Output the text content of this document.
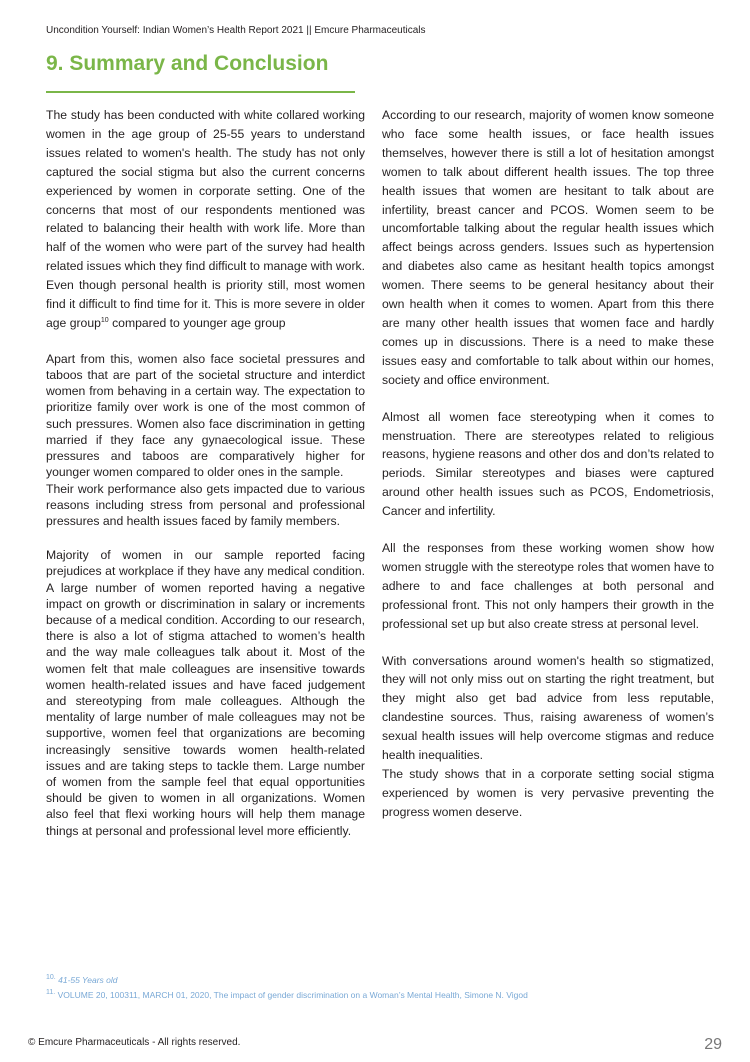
Uncondition Yourself: Indian Women’s Health Report 2021 || Emcure Pharmaceuticals
9. Summary and Conclusion

The study has been conducted with white collared working women in the age group of 25-55 years to understand issues related to women's health. The study has not only captured the social stigma but also the current concerns experienced by women in corporate setting. One of the concerns that most of our respondents mentioned was related to balancing their health with work life. More than half of the women who were part of the survey had health related issues which they find difficult to manage with work. Even though personal health is priority still, most women find it difficult to find time for it. This is more severe in older age group$^{10}$ compared to younger age group

Apart from this, women also face societal pressures and taboos that are part of the societal structure and interdict women from behaving in a certain way. The expectation to prioritize family over work is one of the most common of such pressures. Women also face discrimination in getting married if they face any gynaecological issue. These pressures and taboos are comparatively higher for younger women compared to older ones in the sample.

Their work performance also gets impacted due to various reasons including stress from personal and professional pressures and health issues faced by family members.

Majority of women in our sample reported facing prejudices at workplace if they have any medical condition. A large number of women reported having a negative impact on growth or discrimination in salary or increments because of a medical condition. According to our research, there is also a lot of stigma attached to women’s health and the way male colleagues talk about it. Most of the women felt that male colleagues are insensitive towards women health-related issues and have faced judgement and stereotyping from male colleagues. Although the mentality of large number of male colleagues may not be supportive, women feel that organizations are becoming increasingly sensitive towards women health-related issues and are taking steps to tackle them. Large number of women from the sample feel that equal opportunities should be given to women in all organizations. Women also feel that flexi working hours will help them manage things at personal and professional level more efficiently.

According to our research, majority of women know someone who face some health issues, or face health issues themselves, however there is still a lot of hesitation amongst women to talk about different health issues. The top three health issues that women are hesitant to talk about are infertility, breast cancer and PCOS. Women seem to be uncomfortable talking about the regular health issues which affect beings across genders. Issues such as hypertension and diabetes also came as hesitant health topics amongst women. There seems to be general hesitancy about their own health when it comes to women. Apart from this there are many other health issues that women face and hardly comes up in discussions. There is a need to make these issues easy and comfortable to talk about within our homes, society and office environment.

Almost all women face stereotyping when it comes to menstruation. There are stereotypes related to religious reasons, hygiene reasons and other dos and don’ts related to periods. Similar stereotypes and biases were captured around other health issues such as PCOS, Endometriosis, Cancer and infertility.

All the responses from these working women show how women struggle with the stereotype roles that women have to adhere to and face challenges at both personal and professional front. This not only hampers their growth in the professional set up but also create stress at personal level.

With conversations around women's health so stigmatized, they will not only miss out on starting the right treatment, but they might also get bad advice from less reputable, clandestine sources. Thus, raising awareness of women’s sexual health issues will help overcome stigmas and reduce health inequalities.

The study shows that in a corporate setting social stigma experienced by women is very pervasive preventing the progress women deserve.

$^{10.}$ 41-55 Years old
$^{11.}$ VOLUME 20, 100311, MARCH 01, 2020, The impact of gender discrimination on a Woman’s Mental Health, Simone N. Vigod
© Emcure Pharmaceuticals - All rights reserved.	29
